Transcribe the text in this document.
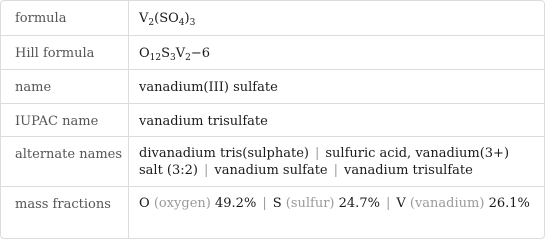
formula	$V_2(SO_4)_3$
Hill formula	$O_{12}S_3V_2-6$
name	vanadium(III) sulfate
IUPAC name	vanadium trisulfate
alternate names	divanadium tris(sulphate) | sulfuric acid, vanadium(3+) salt (3:2) | vanadium sulfate | vanadium trisulfate
mass fractions	O (oxygen) 49.2% | S (sulfur) 24.7% | V (vanadium) 26.1%
